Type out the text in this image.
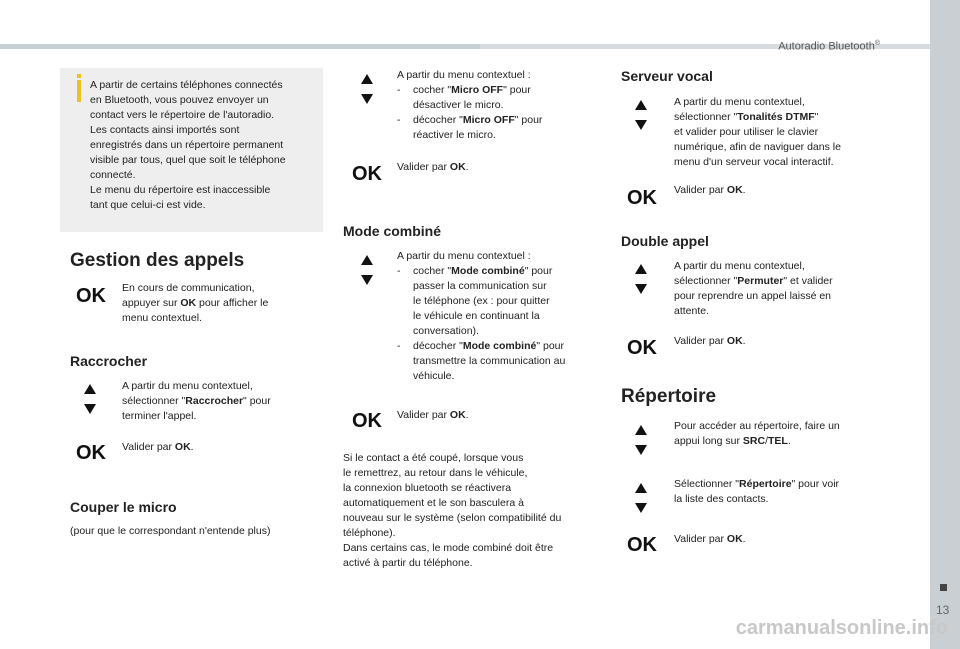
Autoradio Bluetooth®
13
A partir de certains téléphones connectés
en Bluetooth, vous pouvez envoyer un
contact vers le répertoire de l'autoradio.
Les contacts ainsi importés sont
enregistrés dans un répertoire permanent
visible par tous, quel que soit le téléphone
connecté.
Le menu du répertoire est inaccessible
tant que celui-ci est vide.
Gestion des appels
OK En cours de communication,
appuyer sur OK pour afficher le
menu contextuel.
Raccrocher
A partir du menu contextuel,
sélectionner "Raccrocher" pour
terminer l'appel.
OK Valider par OK.
Couper le micro
(pour que le correspondant n'entende plus)
A partir du menu contextuel :
- cocher "Micro OFF" pour
désactiver le micro.
- décocher "Micro OFF" pour
réactiver le micro.
OK Valider par OK.
Mode combiné
A partir du menu contextuel :
- cocher "Mode combiné" pour
passer la communication sur
le téléphone (ex : pour quitter
le véhicule en continuant la
conversation).
- décocher "Mode combiné" pour
transmettre la communication au
véhicule.
OK Valider par OK.
Si le contact a été coupé, lorsque vous
le remettrez, au retour dans le véhicule,
la connexion bluetooth se réactivera
automatiquement et le son basculera à
nouveau sur le système (selon compatibilité du
téléphone).
Dans certains cas, le mode combiné doit être
activé à partir du téléphone.
Serveur vocal
A partir du menu contextuel,
sélectionner "Tonalités DTMF"
et valider pour utiliser le clavier
numérique, afin de naviguer dans le
menu d'un serveur vocal interactif.
OK Valider par OK.
Double appel
A partir du menu contextuel,
sélectionner "Permuter" et valider
pour reprendre un appel laissé en
attente.
OK Valider par OK.
Répertoire
Pour accéder au répertoire, faire un
appui long sur SRC/TEL.
Sélectionner "Répertoire" pour voir
la liste des contacts.
OK Valider par OK.
carmanualsonline.info
